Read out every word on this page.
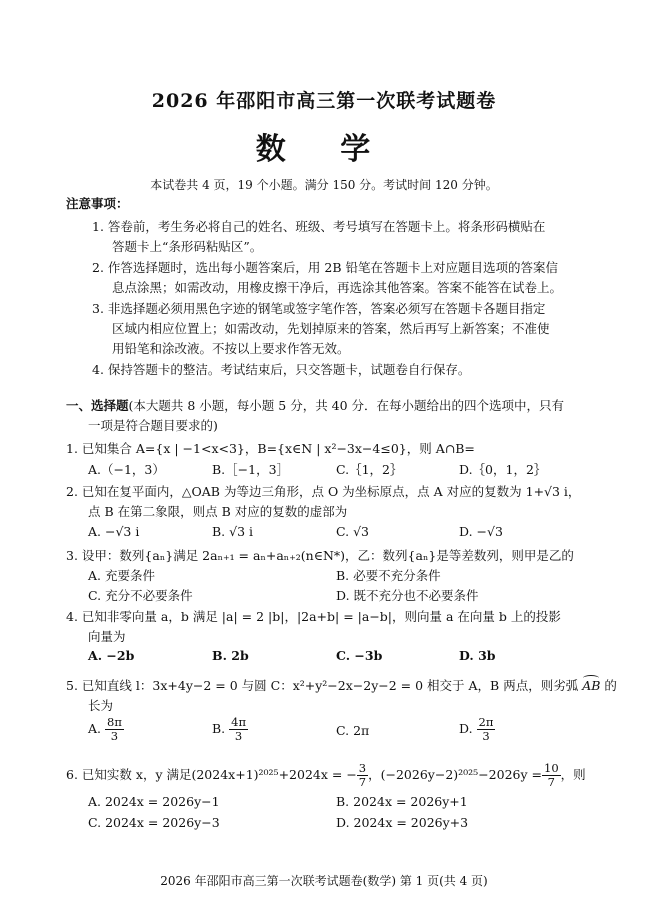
2026 年邵阳市高三第一次联考试题卷
数 学
本试卷共 4 页，19 个小题。满分 150 分。考试时间 120 分钟。
注意事项：
1. 答卷前，考生务必将自己的姓名、班级、考号填写在答题卡上。将条形码横贴在
答题卡上“条形码粘贴区”。
2. 作答选择题时，选出每小题答案后，用 2B 铅笔在答题卡上对应题目选项的答案信
息点涂黑；如需改动，用橡皮擦干净后，再选涂其他答案。答案不能答在试卷上。
3. 非选择题必须用黑色字迹的钢笔或签字笔作答，答案必须写在答题卡各题目指定
区域内相应位置上；如需改动，先划掉原来的答案，然后再写上新答案；不准使
用铅笔和涂改液。不按以上要求作答无效。
4. 保持答题卡的整洁。考试结束后，只交答题卡，试题卷自行保存。
一、选择题(本大题共 8 小题，每小题 5 分，共 40 分．在每小题给出的四个选项中，只有
一项是符合题目要求的)
1. 已知集合 A={x | −1<x<3}，B={x∈N | x²−3x−4≤0}，则 A∩B=
A.（−1，3）	B.［−1，3］	C.｛1，2｝	D.｛0，1，2｝
2. 已知在复平面内，△OAB 为等边三角形，点 O 为坐标原点，点 A 对应的复数为 1+√3 i，
点 B 在第二象限，则点 B 对应的复数的虚部为
A. −√3 i	B. √3 i	C. √3	D. −√3
3. 设甲：数列{aₙ}满足 2aₙ₊₁ = aₙ+aₙ₊₂(n∈N*)，乙：数列{aₙ}是等差数列，则甲是乙的
A. 充要条件	B. 必要不充分条件
C. 充分不必要条件	D. 既不充分也不必要条件
4. 已知非零向量 a，b 满足 |a| = 2 |b|，|2a+b| = |a−b|，则向量 a 在向量 b 上的投影
向量为
A. −2b	B. 2b	C. −3b	D. 3b
5. 已知直线 l：3x+4y−2 = 0 与圆 C：x²+y²−2x−2y−2 = 0 相交于 A，B 两点，则劣弧 AB 的
长为
A. $\frac{8\pi}{3}$	B. $\frac{4\pi}{3}$	C. 2π	D. $\frac{2\pi}{3}$
6. 已知实数 x，y 满足(2024x+1)²⁰²⁵+2024x = − $\frac{3}{7}$ ，$(-2026y-2)^{2025}-2026y = \frac{10}{7}$ ，则
A. 2024x = 2026y−1	B. 2024x = 2026y+1
C. 2024x = 2026y−3	D. 2024x = 2026y+3
2026 年邵阳市高三第一次联考试题卷(数学) 第 1 页(共 4 页)
